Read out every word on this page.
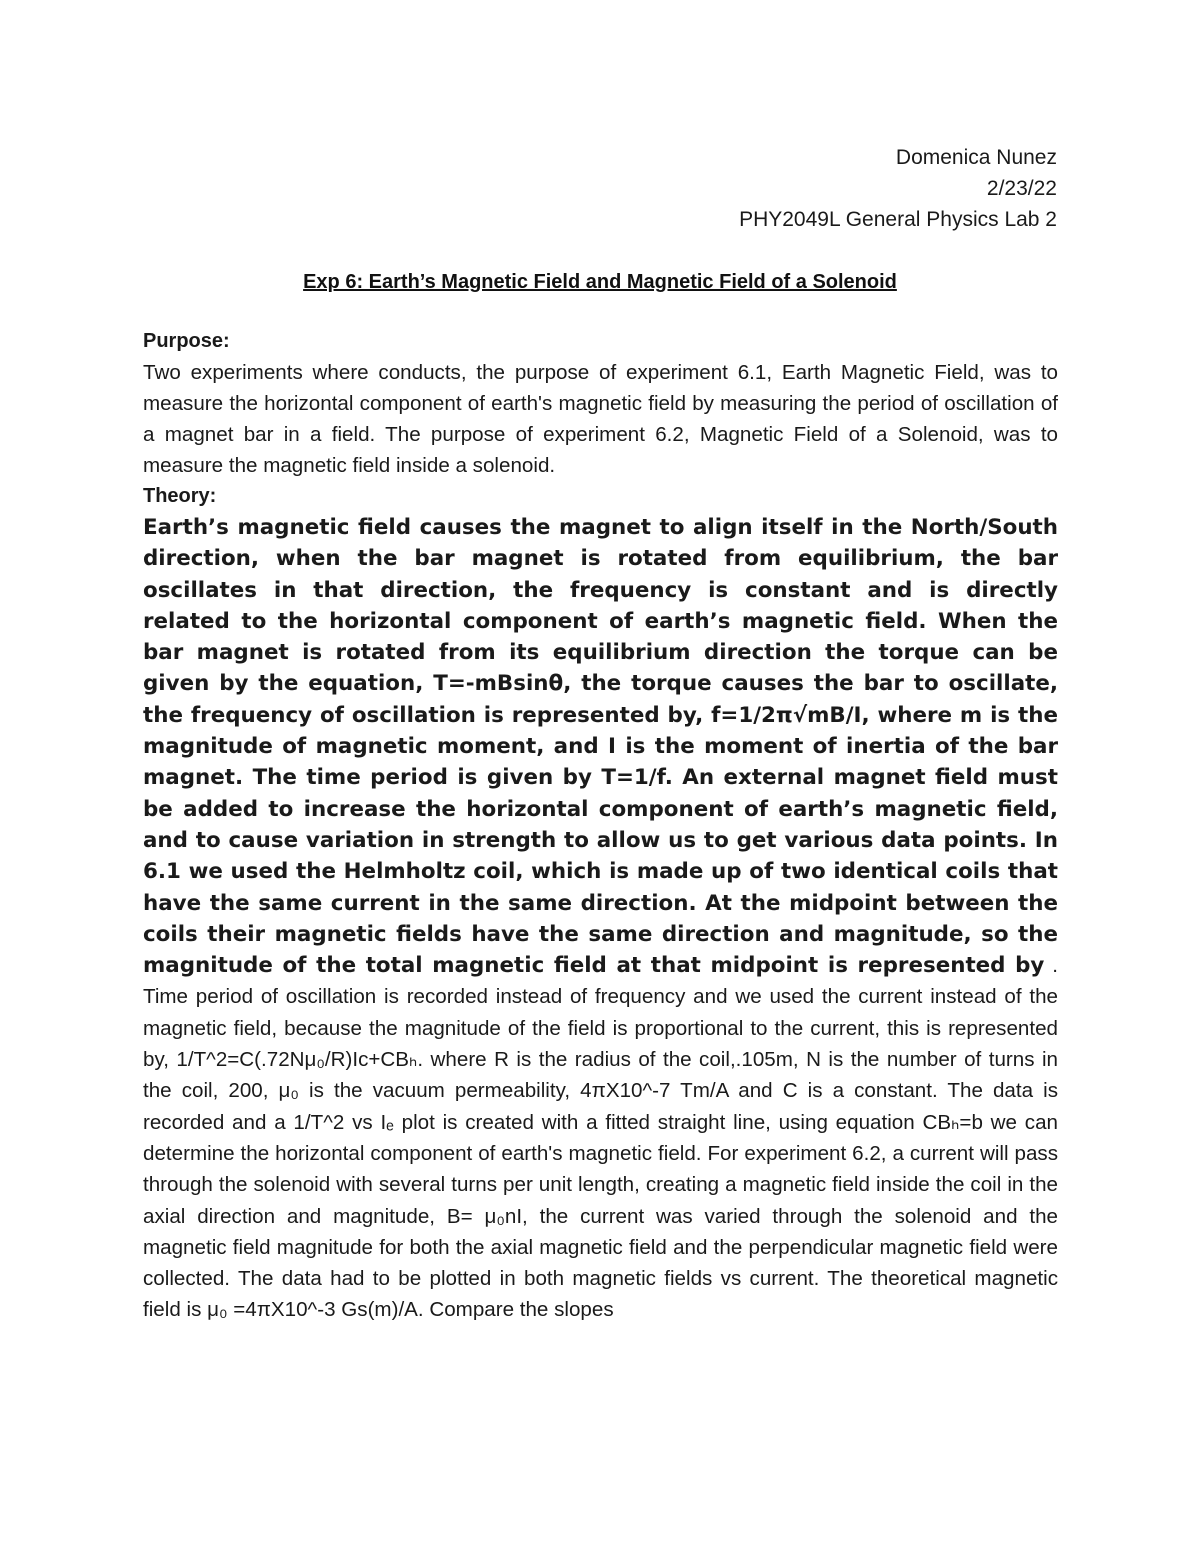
Domenica Nunez
2/23/22
PHY2049L General Physics Lab 2
Exp 6: Earth’s Magnetic Field and Magnetic Field of a Solenoid

Purpose:

Two experiments where conducts, the purpose of experiment 6.1, Earth Magnetic Field, was to measure the horizontal component of earth's magnetic field by measuring the period of oscillation of a magnet bar in a field. The purpose of experiment 6.2, Magnetic Field of a Solenoid, was to measure the magnetic field inside a solenoid.

Theory:

Earth’s magnetic field causes the magnet to align itself in the North/South direction, when the bar magnet is rotated from equilibrium, the bar oscillates in that direction, the frequency is constant and is directly related to the horizontal component of earth’s magnetic field. When the bar magnet is rotated from its equilibrium direction the torque can be given by the equation, T=-mBsinθ, the torque causes the bar to oscillate, the frequency of oscillation is represented by, f=1/2π√mB/I, where m is the magnitude of magnetic moment, and I is the moment of inertia of the bar magnet. The time period is given by T=1/f. An external magnet field must be added to increase the horizontal component of earth’s magnetic field, and to cause variation in strength to allow us to get various data points. In 6.1 we used the Helmholtz coil, which is made up of two identical coils that have the same current in the same direction. At the midpoint between the coils their magnetic fields have the same direction and magnitude, so the magnitude of the total magnetic field at that midpoint is represented by . Time period of oscillation is recorded instead of frequency and we used the current instead of the magnetic field, because the magnitude of the field is proportional to the current, this is represented by, 1/T^2=C(.72Nμ₀/R)Ic+CBₕ. where R is the radius of the coil,.105m, N is the number of turns in the coil, 200, μ₀ is the vacuum permeability, 4πX10^-7 Tm/A and C is a constant. The data is recorded and a 1/T^2 vs Iₑ plot is created with a fitted straight line, using equation CBₕ=b we can determine the horizontal component of earth's magnetic field. For experiment 6.2, a current will pass through the solenoid with several turns per unit length, creating a magnetic field inside the coil in the axial direction and magnitude, B= μ₀nI, the current was varied through the solenoid and the magnetic field magnitude for both the axial magnetic field and the perpendicular magnetic field were collected. The data had to be plotted in both magnetic fields vs current. The theoretical magnetic field is μ₀ =4πX10^-3 Gs(m)/A. Compare the slopes
